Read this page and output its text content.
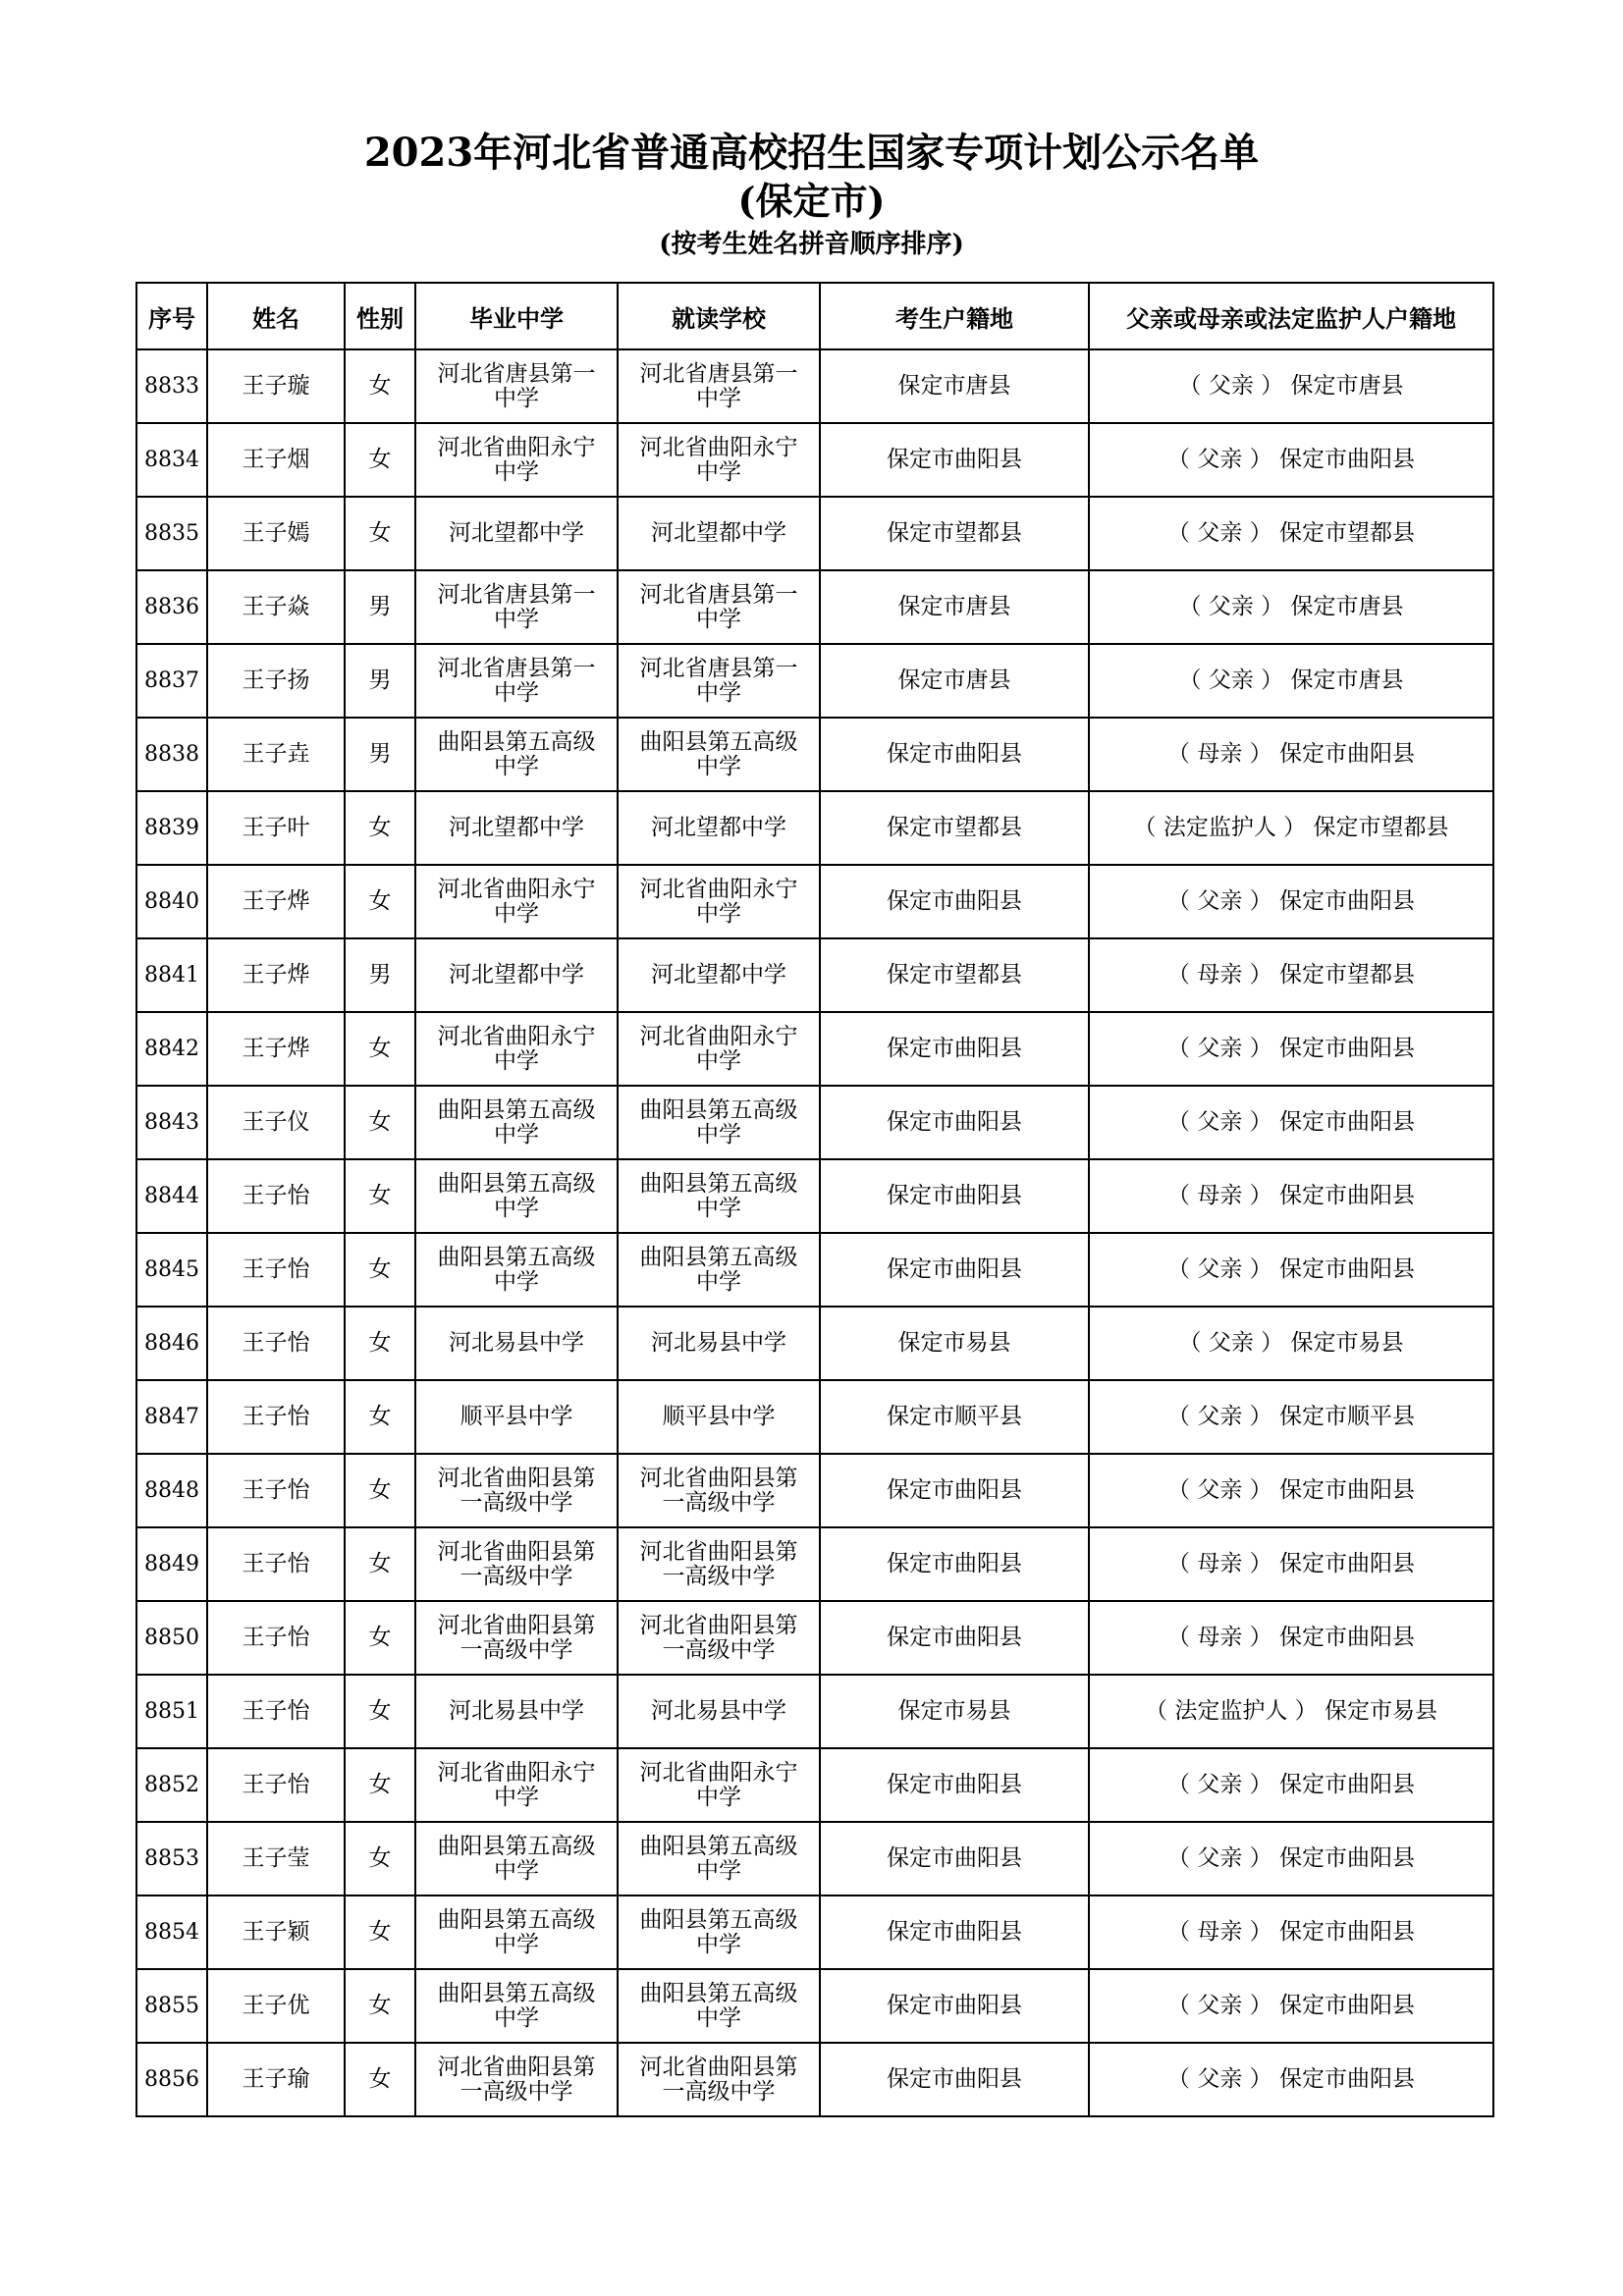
2023年河北省普通高校招生国家专项计划公示名单
(保定市)
(按考生姓名拼音顺序排序)
序号	姓名	性别	毕业中学	就读学校	考生户籍地	父亲或母亲或法定监护人户籍地
8833	王子璇	女	河北省唐县第一中学	河北省唐县第一中学	保定市唐县	（ 父亲 ） 保定市唐县
8834	王子烟	女	河北省曲阳永宁中学	河北省曲阳永宁中学	保定市曲阳县	（ 父亲 ） 保定市曲阳县
8835	王子嫣	女	河北望都中学	河北望都中学	保定市望都县	（ 父亲 ） 保定市望都县
8836	王子焱	男	河北省唐县第一中学	河北省唐县第一中学	保定市唐县	（ 父亲 ） 保定市唐县
8837	王子扬	男	河北省唐县第一中学	河北省唐县第一中学	保定市唐县	（ 父亲 ） 保定市唐县
8838	王子垚	男	曲阳县第五高级中学	曲阳县第五高级中学	保定市曲阳县	（ 母亲 ） 保定市曲阳县
8839	王子叶	女	河北望都中学	河北望都中学	保定市望都县	（ 法定监护人 ） 保定市望都县
8840	王子烨	女	河北省曲阳永宁中学	河北省曲阳永宁中学	保定市曲阳县	（ 父亲 ） 保定市曲阳县
8841	王子烨	男	河北望都中学	河北望都中学	保定市望都县	（ 母亲 ） 保定市望都县
8842	王子烨	女	河北省曲阳永宁中学	河北省曲阳永宁中学	保定市曲阳县	（ 父亲 ） 保定市曲阳县
8843	王子仪	女	曲阳县第五高级中学	曲阳县第五高级中学	保定市曲阳县	（ 父亲 ） 保定市曲阳县
8844	王子怡	女	曲阳县第五高级中学	曲阳县第五高级中学	保定市曲阳县	（ 母亲 ） 保定市曲阳县
8845	王子怡	女	曲阳县第五高级中学	曲阳县第五高级中学	保定市曲阳县	（ 父亲 ） 保定市曲阳县
8846	王子怡	女	河北易县中学	河北易县中学	保定市易县	（ 父亲 ） 保定市易县
8847	王子怡	女	顺平县中学	顺平县中学	保定市顺平县	（ 父亲 ） 保定市顺平县
8848	王子怡	女	河北省曲阳县第一高级中学	河北省曲阳县第一高级中学	保定市曲阳县	（ 父亲 ） 保定市曲阳县
8849	王子怡	女	河北省曲阳县第一高级中学	河北省曲阳县第一高级中学	保定市曲阳县	（ 母亲 ） 保定市曲阳县
8850	王子怡	女	河北省曲阳县第一高级中学	河北省曲阳县第一高级中学	保定市曲阳县	（ 母亲 ） 保定市曲阳县
8851	王子怡	女	河北易县中学	河北易县中学	保定市易县	（ 法定监护人 ） 保定市易县
8852	王子怡	女	河北省曲阳永宁中学	河北省曲阳永宁中学	保定市曲阳县	（ 父亲 ） 保定市曲阳县
8853	王子莹	女	曲阳县第五高级中学	曲阳县第五高级中学	保定市曲阳县	（ 父亲 ） 保定市曲阳县
8854	王子颖	女	曲阳县第五高级中学	曲阳县第五高级中学	保定市曲阳县	（ 母亲 ） 保定市曲阳县
8855	王子优	女	曲阳县第五高级中学	曲阳县第五高级中学	保定市曲阳县	（ 父亲 ） 保定市曲阳县
8856	王子瑜	女	河北省曲阳县第一高级中学	河北省曲阳县第一高级中学	保定市曲阳县	（ 父亲 ） 保定市曲阳县
